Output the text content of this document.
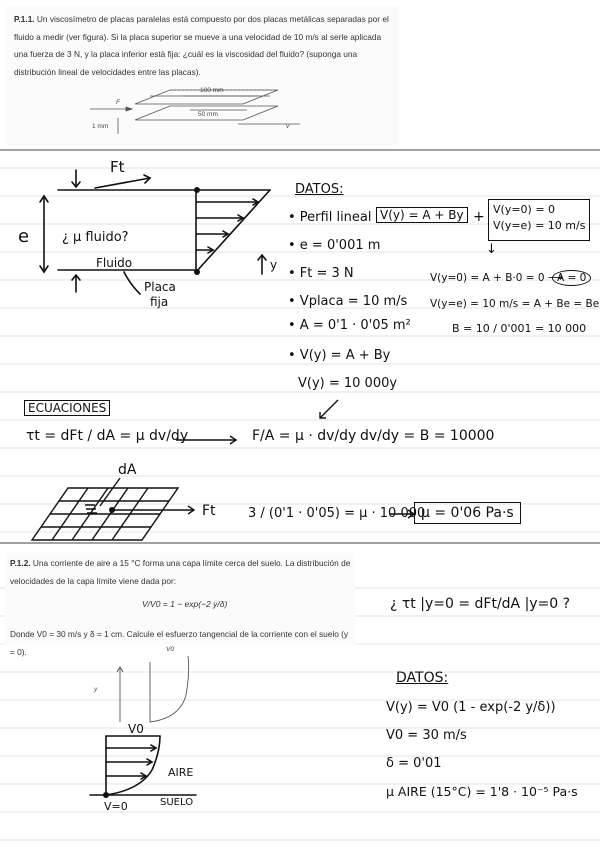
P.1.1. Un viscosímetro de placas paralelas está compuesto por dos placas metálicas separadas por el fluido a medir (ver figura). Si la placa superior se mueve a una velocidad de 10 m/s al serle aplicada una fuerza de 3 N, y la placa inferior está fija: ¿cuál es la viscosidad del fluido? (suponga una distribución lineal de velocidades entre las placas).
F
100 mm
50 mm
1 mm	v
Ft
e	¿ μ fluido?
Fluido
Placa
fija
y
DATOS:
• Perfil lineal
• e = 0'001 m
• Ft = 3 N
• Vplaca = 10 m/s
• A = 0'1 · 0'05 m²
• V(y) = A + By
V(y) = 10 000y
V(y) = A + By + V(y=0) = 0
V(y=e) = 10 m/s
↓
V(y=0) = A + B·0 = 0 ⟶
A = 0
V(y=e) = 10 m/s = A + Be = Be
B = 10 / 0'001 = 10 000
ECUACIONES
τt = dFt / dA = μ dv/dy	F/A = μ · dv/dy dv/dy = B = 10000
dA
Ft 3 / (0'1 · 0'05) = μ · 10 000
μ = 0'06 Pa·s
P.1.2. Una corriente de aire a 15 °C forma una capa límite cerca del suelo. La distribución de velocidades de la capa límite viene dada por:
V/V0 = 1 − exp(−2 y/δ)
Donde V0 = 30 m/s y δ = 1 cm. Calcule el esfuerzo tangencial de la corriente con el suelo (y = 0).	V0
y
V0
AIRE
SUELO
V=0
¿ τt |y=0 = dFt/dA |y=0 ?
DATOS:
V(y) = V0 (1 - exp(-2 y/δ))
V0 = 30 m/s
δ = 0'01
μ AIRE (15°C) = 1'8 · 10⁻⁵ Pa·s
